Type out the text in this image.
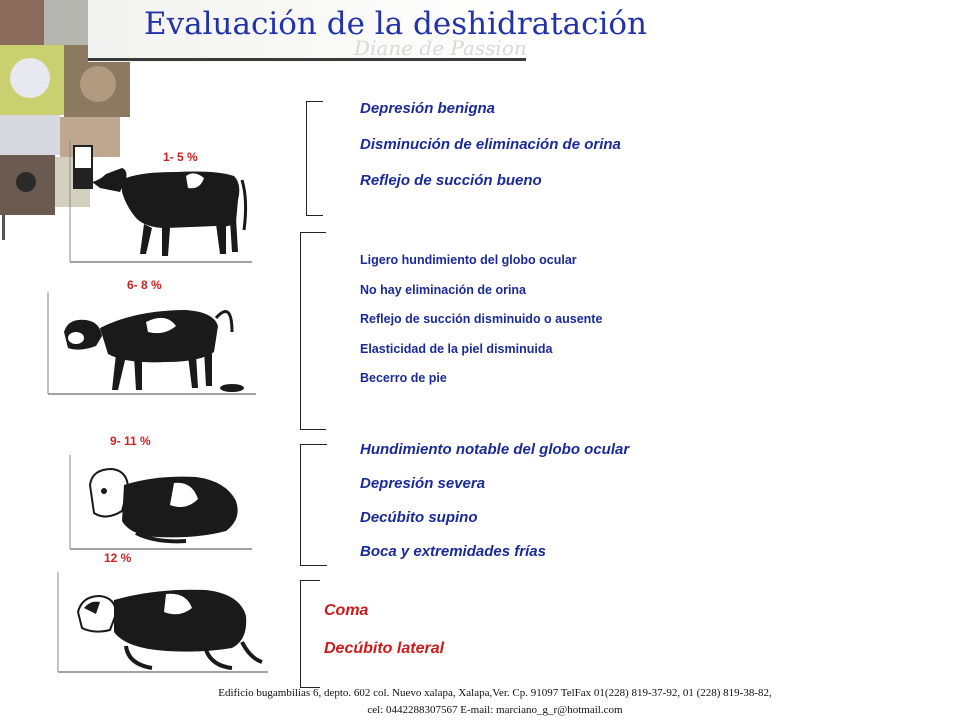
Diane de Passion
Evaluación de la deshidratación
1- 5 %
6- 8 %
9- 11 %
12 %
Depresión benigna
Disminución de eliminación de orina
Reflejo de succión bueno
Ligero hundimiento del globo ocular
No hay eliminación de orina
Reflejo de succión disminuido o ausente
Elasticidad de la piel disminuida
Becerro de pie
Hundimiento notable del globo ocular
Depresión severa
Decúbito supino
Boca y extremidades frías
Coma
Decúbito lateral
Edificio bugambilias 6, depto. 602 col. Nuevo xalapa, Xalapa,Ver. Cp. 91097 TelFax 01(228) 819-37-92, 01 (228) 819-38-82,
cel: 0442288307567 E-mail: marciano_g_r@hotmail.com
